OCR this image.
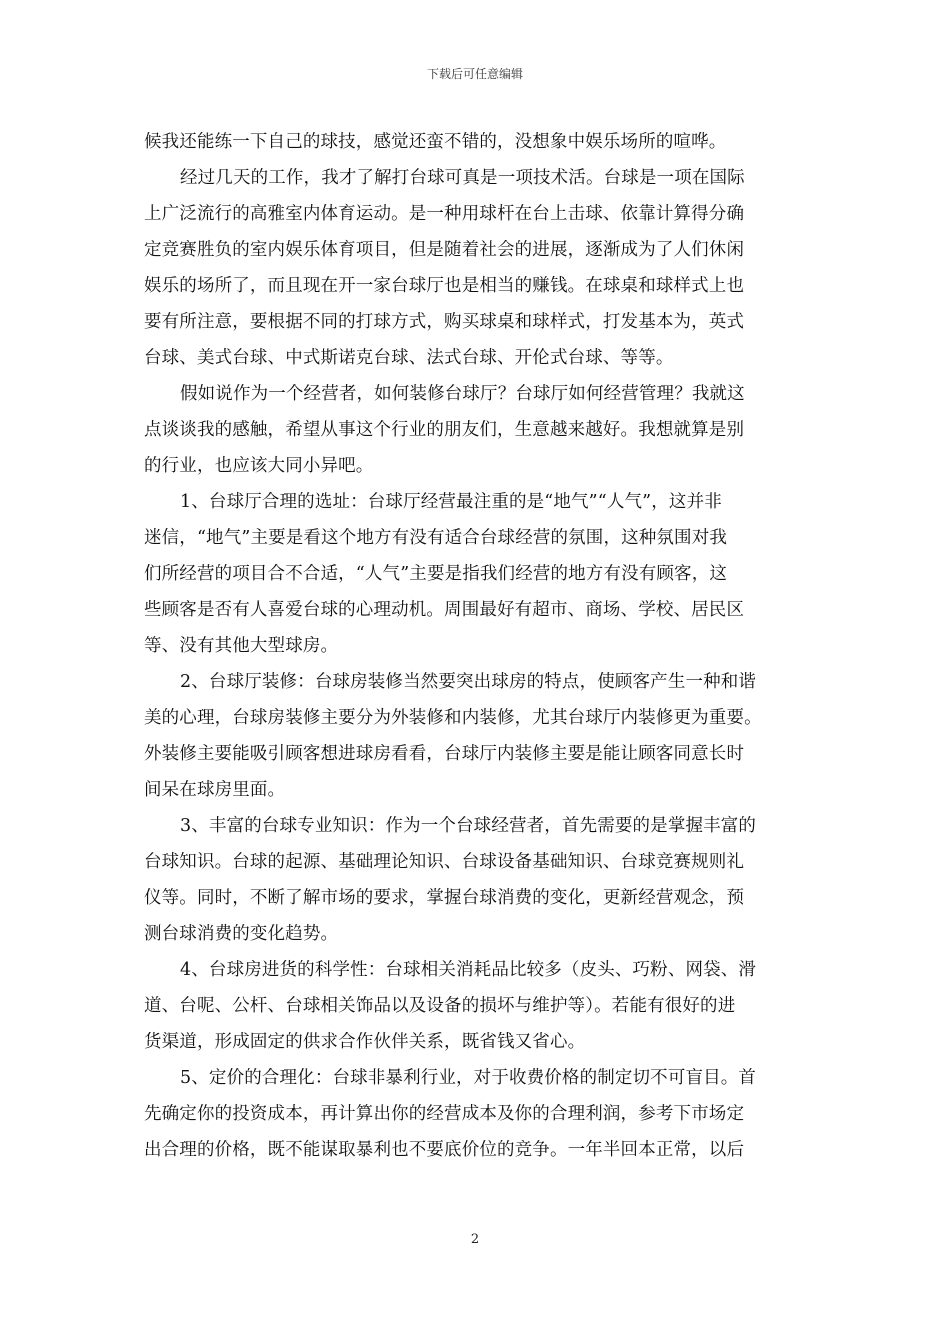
下载后可任意编辑
候我还能练一下自己的球技，感觉还蛮不错的，没想象中娱乐场所的喧哗。
经过几天的工作，我才了解打台球可真是一项技术活。台球是一项在国际
上广泛流行的高雅室内体育运动。是一种用球杆在台上击球、依靠计算得分确
定竞赛胜负的室内娱乐体育项目，但是随着社会的进展，逐渐成为了人们休闲
娱乐的场所了，而且现在开一家台球厅也是相当的赚钱。在球桌和球样式上也
要有所注意，要根据不同的打球方式，购买球桌和球样式，打发基本为，英式
台球、美式台球、中式斯诺克台球、法式台球、开伦式台球、等等。
假如说作为一个经营者，如何装修台球厅？台球厅如何经营管理？我就这
点谈谈我的感触，希望从事这个行业的朋友们，生意越来越好。我想就算是别
的行业，也应该大同小异吧。
1、台球厅合理的选址：台球厅经营最注重的是“地气”“人气”，这并非
迷信，“地气”主要是看这个地方有没有适合台球经营的氛围，这种氛围对我
们所经营的项目合不合适，“人气”主要是指我们经营的地方有没有顾客，这
些顾客是否有人喜爱台球的心理动机。周围最好有超市、商场、学校、居民区
等、没有其他大型球房。
2、台球厅装修：台球房装修当然要突出球房的特点，使顾客产生一种和谐
美的心理，台球房装修主要分为外装修和内装修，尤其台球厅内装修更为重要。
外装修主要能吸引顾客想进球房看看，台球厅内装修主要是能让顾客同意长时
间呆在球房里面。
3、丰富的台球专业知识：作为一个台球经营者，首先需要的是掌握丰富的
台球知识。台球的起源、基础理论知识、台球设备基础知识、台球竞赛规则礼
仪等。同时，不断了解市场的要求，掌握台球消费的变化，更新经营观念，预
测台球消费的变化趋势。
4、台球房进货的科学性：台球相关消耗品比较多（皮头、巧粉、网袋、滑
道、台呢、公杆、台球相关饰品以及设备的损坏与维护等）。若能有很好的进
货渠道，形成固定的供求合作伙伴关系，既省钱又省心。
5、定价的合理化：台球非暴利行业，对于收费价格的制定切不可盲目。首
先确定你的投资成本，再计算出你的经营成本及你的合理利润，参考下市场定
出合理的价格，既不能谋取暴利也不要底价位的竞争。一年半回本正常，以后
2
